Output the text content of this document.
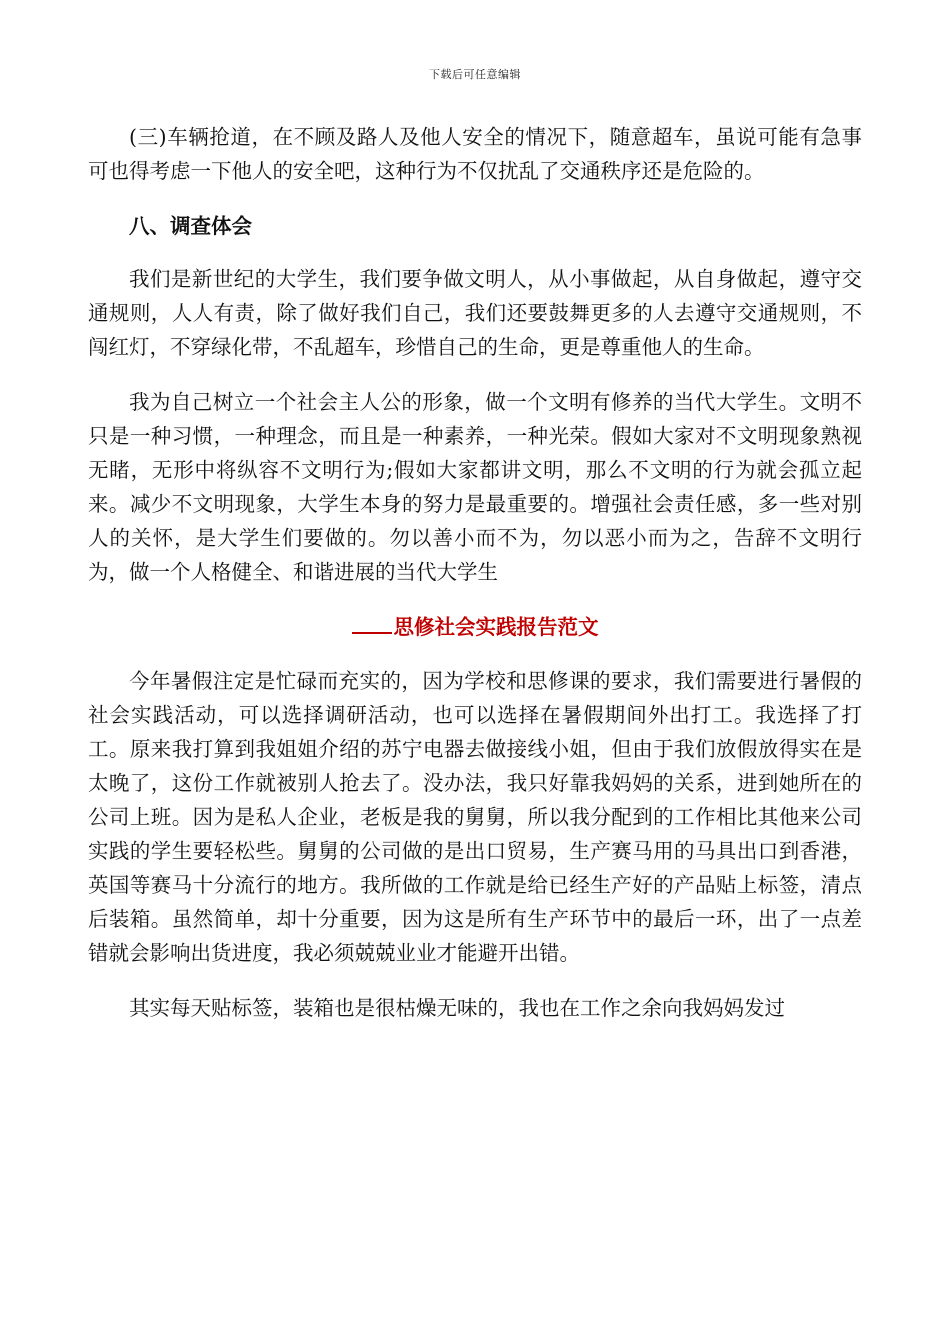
下载后可任意编辑

(三)车辆抢道，在不顾及路人及他人安全的情况下，随意超车，虽说可能有急事可也得考虑一下他人的安全吧，这种行为不仅扰乱了交通秩序还是危险的。

八、调查体会

我们是新世纪的大学生，我们要争做文明人，从小事做起，从自身做起，遵守交通规则，人人有责，除了做好我们自己，我们还要鼓舞更多的人去遵守交通规则，不闯红灯，不穿绿化带，不乱超车，珍惜自己的生命，更是尊重他人的生命。

我为自己树立一个社会主人公的形象，做一个文明有修养的当代大学生。文明不只是一种习惯，一种理念，而且是一种素养，一种光荣。假如大家对不文明现象熟视无睹，无形中将纵容不文明行为;假如大家都讲文明，那么不文明的行为就会孤立起来。减少不文明现象，大学生本身的努力是最重要的。增强社会责任感，多一些对别人的关怀，是大学生们要做的。勿以善小而不为，勿以恶小而为之，告辞不文明行为，做一个人格健全、和谐进展的当代大学生

思修社会实践报告范文

今年暑假注定是忙碌而充实的，因为学校和思修课的要求，我们需要进行暑假的社会实践活动，可以选择调研活动，也可以选择在暑假期间外出打工。我选择了打工。原来我打算到我姐姐介绍的苏宁电器去做接线小姐，但由于我们放假放得实在是太晚了，这份工作就被别人抢去了。没办法，我只好靠我妈妈的关系，进到她所在的公司上班。因为是私人企业，老板是我的舅舅，所以我分配到的工作相比其他来公司实践的学生要轻松些。舅舅的公司做的是出口贸易，生产赛马用的马具出口到香港，英国等赛马十分流行的地方。我所做的工作就是给已经生产好的产品贴上标签，清点后装箱。虽然简单，却十分重要，因为这是所有生产环节中的最后一环，出了一点差错就会影响出货进度，我必须兢兢业业才能避开出错。

其实每天贴标签，装箱也是很枯燥无味的，我也在工作之余向我妈妈发过
